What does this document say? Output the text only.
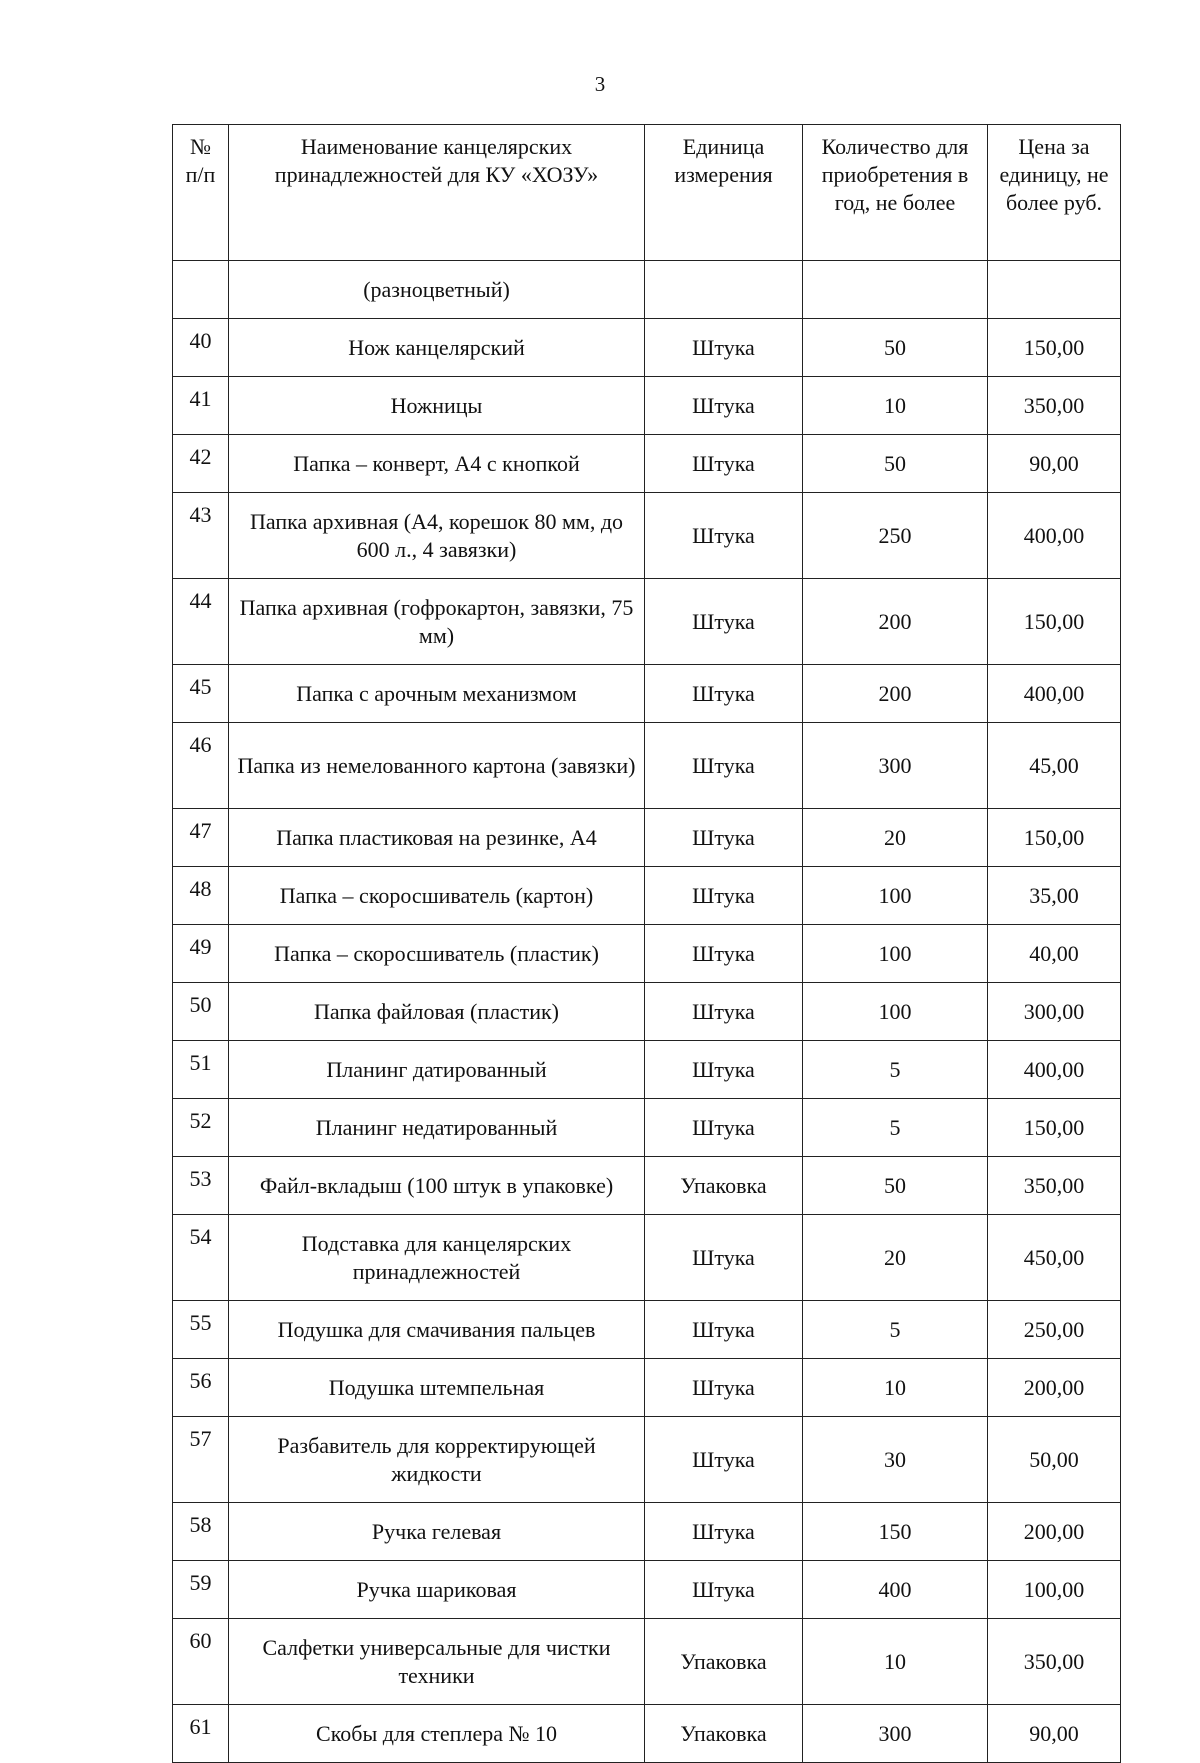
3
№ п/п	Наименование канцелярских принадлежностей для КУ «ХОЗУ»	Единица измерения	Количество для приобретения в год, не более	Цена за единицу, не более руб.
	(разноцветный)			
40	Нож канцелярский	Штука	50	150,00
41	Ножницы	Штука	10	350,00
42	Папка – конверт, А4 с кнопкой	Штука	50	90,00
43	Папка архивная (А4, корешок 80 мм, до 600 л., 4 завязки)	Штука	250	400,00
44	Папка архивная (гофрокартон, завязки, 75 мм)	Штука	200	150,00
45	Папка с арочным механизмом	Штука	200	400,00
46	Папка из немелованного картона (завязки)	Штука	300	45,00
47	Папка пластиковая на резинке, А4	Штука	20	150,00
48	Папка – скоросшиватель (картон)	Штука	100	35,00
49	Папка – скоросшиватель (пластик)	Штука	100	40,00
50	Папка файловая (пластик)	Штука	100	300,00
51	Планинг датированный	Штука	5	400,00
52	Планинг недатированный	Штука	5	150,00
53	Файл-вкладыш (100 штук в упаковке)	Упаковка	50	350,00
54	Подставка для канцелярских принадлежностей	Штука	20	450,00
55	Подушка для смачивания пальцев	Штука	5	250,00
56	Подушка штемпельная	Штука	10	200,00
57	Разбавитель для корректирующей жидкости	Штука	30	50,00
58	Ручка гелевая	Штука	150	200,00
59	Ручка шариковая	Штука	400	100,00
60	Салфетки универсальные для чистки техники	Упаковка	10	350,00
61	Скобы для степлера № 10	Упаковка	300	90,00
